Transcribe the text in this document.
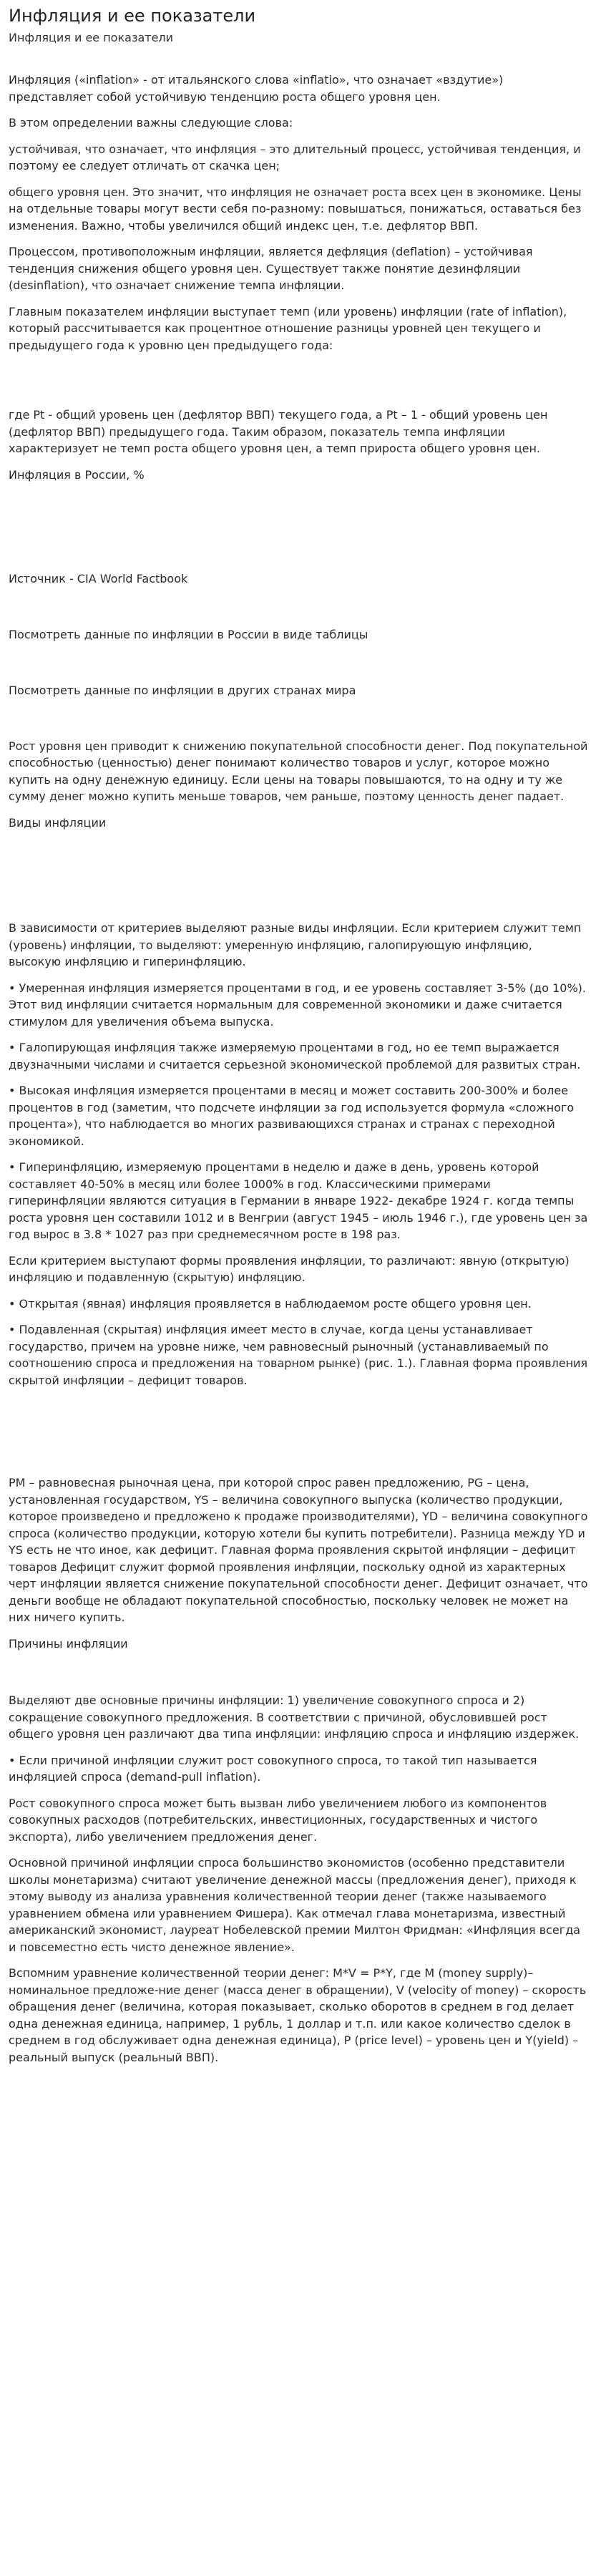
Инфляция и ее показатели
Инфляция и ее показатели

Инфляция («inflation» - от итальянского слова «inflatio», что означает «вздутие») представляет собой устойчивую тенденцию роста общего уровня цен.

В этом определении важны следующие слова:

устойчивая, что означает, что инфляция – это длительный процесс, устойчивая тенденция, и поэтому ее следует отличать от скачка цен;

общего уровня цен. Это значит, что инфляция не означает роста всех цен в экономике. Цены на отдельные товары могут вести себя по-разному: повышаться, понижаться, оставаться без изменения. Важно, чтобы увеличился общий индекс цен, т.е. дефлятор ВВП.

Процессом, противоположным инфляции, является дефляция (deflation) – устойчивая тенденция снижения общего уровня цен. Существует также понятие дезинфляции (desinflation), что означает снижение темпа инфляции.

Главным показателем инфляции выступает темп (или уровень) инфляции (rate of inflation), который рассчитывается как процентное отношение разницы уровней цен текущего и предыдущего года к уровню цен предыдущего года:

где Pt - общий уровень цен (дефлятор ВВП) текущего года, а Pt – 1 - общий уровень цен (дефлятор ВВП) предыдущего года. Таким образом, показатель темпа инфляции характеризует не темп роста общего уровня цен, а темп прироста общего уровня цен.

Инфляция в России, %

Источник - CIA World Factbook

Посмотреть данные по инфляции в России в виде таблицы

Посмотреть данные по инфляции в других странах мира

Рост уровня цен приводит к снижению покупательной способности денег. Под покупательной способностью (ценностью) денег понимают количество товаров и услуг, которое можно купить на одну денежную единицу. Если цены на товары повышаются, то на одну и ту же сумму денег можно купить меньше товаров, чем раньше, поэтому ценность денег падает.

Виды инфляции

В зависимости от критериев выделяют разные виды инфляции. Если критерием служит темп (уровень) инфляции, то выделяют: умеренную инфляцию, галопирующую инфляцию, высокую инфляцию и гиперинфляцию.

• Умеренная инфляция измеряется процентами в год, и ее уровень составляет 3-5% (до 10%). Этот вид инфляции считается нормальным для современной экономики и даже считается стимулом для увеличения объема выпуска.

• Галопирующая инфляция также измеряемую процентами в год, но ее темп выражается двузначными числами и считается серьезной экономической проблемой для развитых стран.

• Высокая инфляция измеряется процентами в месяц и может составить 200-300% и более процентов в год (заметим, что подсчете инфляции за год используется формула «сложного процента»), что наблюдается во многих развивающихся странах и странах с переходной экономикой.

• Гиперинфляцию, измеряемую процентами в неделю и даже в день, уровень которой составляет 40-50% в месяц или более 1000% в год. Классическими примерами гиперинфляции являются ситуация в Германии в январе 1922- декабре 1924 г. когда темпы роста уровня цен составили 1012 и в Венгрии (август 1945 – июль 1946 г.), где уровень цен за год вырос в 3.8 * 1027 раз при среднемесячном росте в 198 раз.

Если критерием выступают формы проявления инфляции, то различают: явную (открытую) инфляцию и подавленную (скрытую) инфляцию.

• Открытая (явная) инфляция проявляется в наблюдаемом росте общего уровня цен.

• Подавленная (скрытая) инфляция имеет место в случае, когда цены устанавливает государство, причем на уровне ниже, чем равновесный рыночный (устанавливаемый по соотношению спроса и предложения на товарном рынке) (рис. 1.). Главная форма проявления скрытой инфляции – дефицит товаров.

PM – равновесная рыночная цена, при которой спрос равен предложению, PG – цена, установленная государством, YS – величина совокупного выпуска (количество продукции, которое произведено и предложено к продаже производителями), YD – величина совокупного спроса (количество продукции, которую хотели бы купить потребители). Разница между YD и YS есть не что иное, как дефицит. Главная форма проявления скрытой инфляции – дефицит товаров Дефицит служит формой проявления инфляции, поскольку одной из характерных черт инфляции является снижение покупательной способности денег. Дефицит означает, что деньги вообще не обладают покупательной способностью, поскольку человек не может на них ничего купить.

Причины инфляции

Выделяют две основные причины инфляции: 1) увеличение совокупного спроса и 2) сокращение совокупного предложения. В соответствии с причиной, обусловившей рост общего уровня цен различают два типа инфляции: инфляцию спроса и инфляцию издержек.

• Если причиной инфляции служит рост совокупного спроса, то такой тип называется инфляцией спроса (demand-pull inflation).

Рост совокупного спроса может быть вызван либо увеличением любого из компонентов совокупных расходов (потребительских, инвестиционных, государственных и чистого экспорта), либо увеличением предложения денег.

Основной причиной инфляции спроса большинство экономистов (особенно представители школы монетаризма) считают увеличение денежной массы (предложения денег), приходя к этому выводу из анализа уравнения количественной теории денег (также называемого уравнением обмена или уравнением Фишера). Как отмечал глава монетаризма, известный американский экономист, лауреат Нобелевской премии Милтон Фридман: «Инфляция всегда и повсеместно есть чисто денежное явление».

Вспомним уравнение количественной теории денег: M*V = P*Y, где M (money supply)– номинальное предложе-ние денег (масса денег в обращении), V (velocity of money) – скорость обращения денег (величина, которая показывает, сколько оборотов в среднем в год делает одна денежная единица, например, 1 рубль, 1 доллар и т.п. или какое количество сделок в среднем в год обслуживает одна денежная единица), P (price level) – уровень цен и Y(yield) – реальный выпуск (реальный ВВП).
